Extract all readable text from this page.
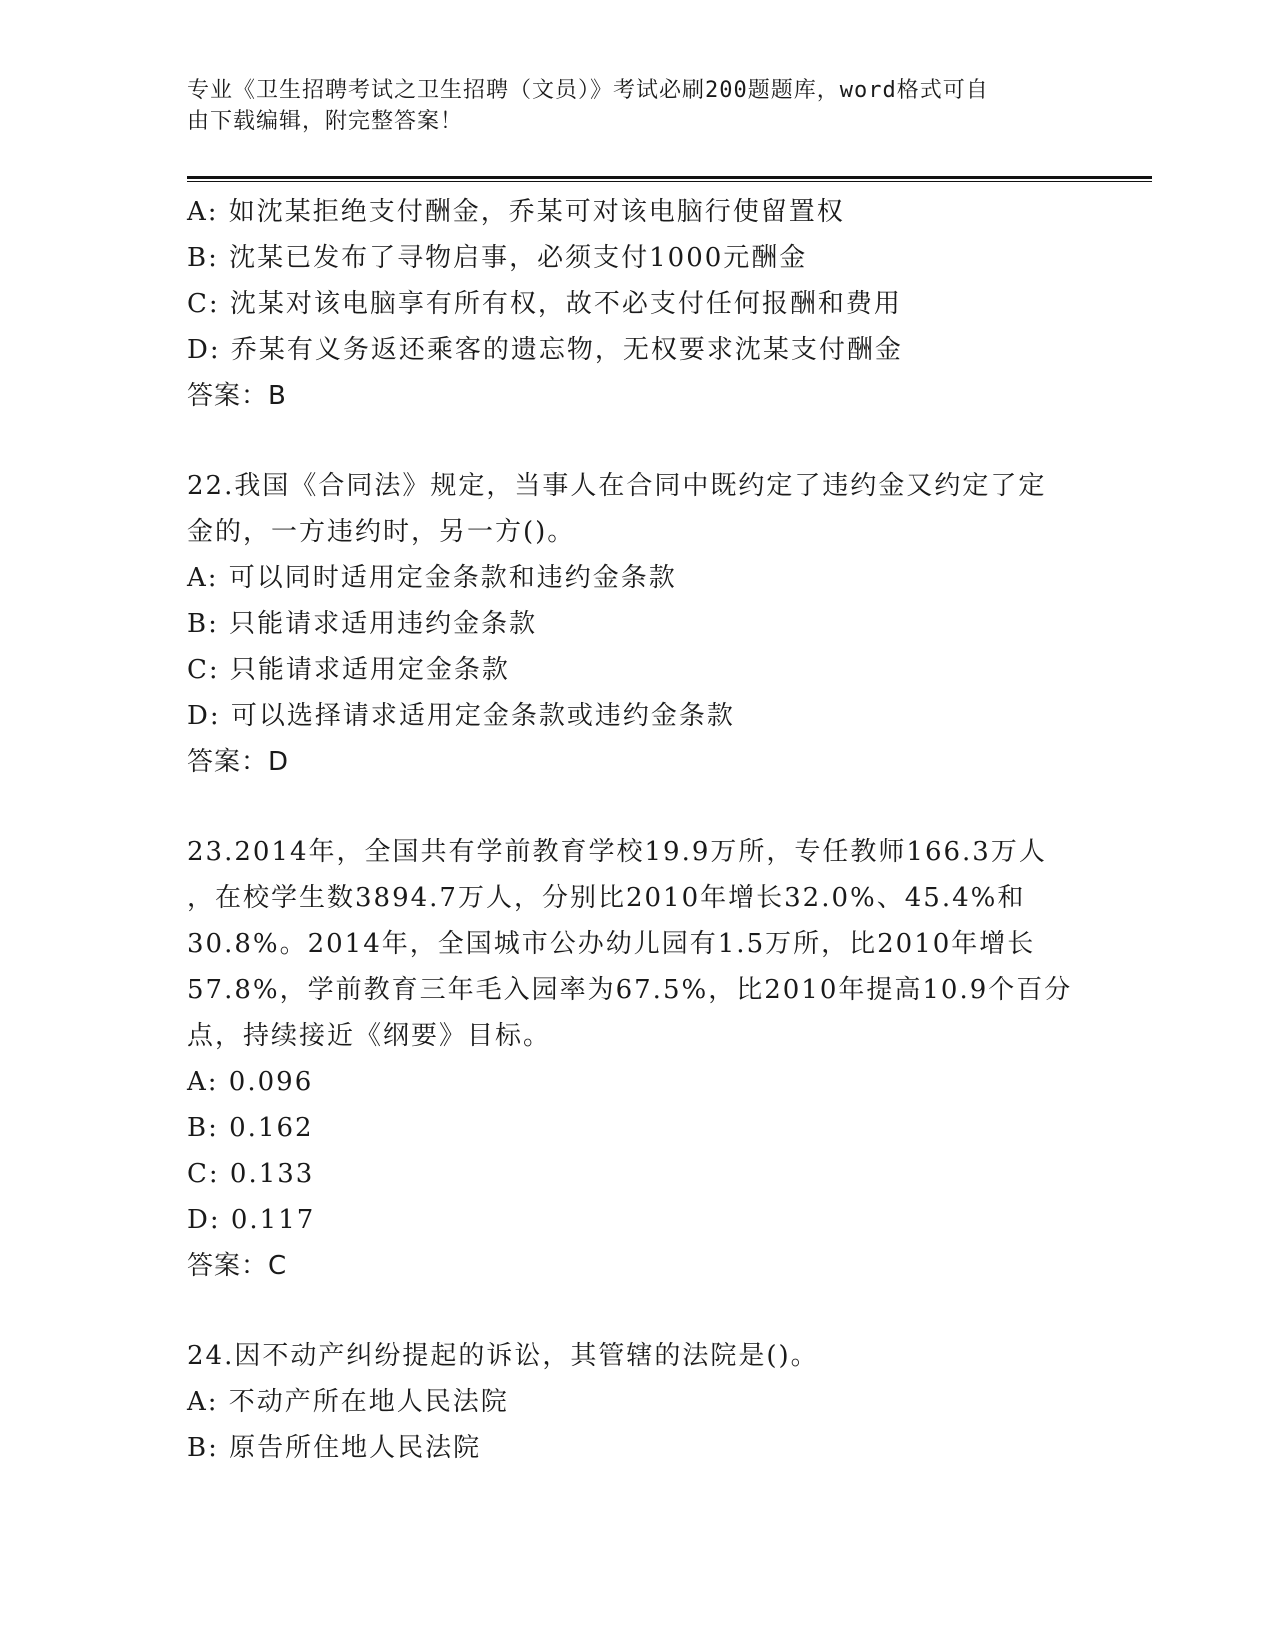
专业《卫生招聘考试之卫生招聘（文员）》考试必刷200题题库，word格式可自
由下载编辑，附完整答案！
A: 如沈某拒绝支付酬金，乔某可对该电脑行使留置权
B: 沈某已发布了寻物启事，必须支付1000元酬金
C: 沈某对该电脑享有所有权，故不必支付任何报酬和费用
D: 乔某有义务返还乘客的遗忘物，无权要求沈某支付酬金
答案：B
22.我国《合同法》规定，当事人在合同中既约定了违约金又约定了定
金的，一方违约时，另一方()。
A: 可以同时适用定金条款和违约金条款
B: 只能请求适用违约金条款
C: 只能请求适用定金条款
D: 可以选择请求适用定金条款或违约金条款
答案：D
23.2014年，全国共有学前教育学校19.9万所，专任教师166.3万人
，在校学生数3894.7万人，分别比2010年增长32.0%、45.4%和
30.8%。2014年，全国城市公办幼儿园有1.5万所，比2010年增长
57.8%，学前教育三年毛入园率为67.5%，比2010年提高10.9个百分
点，持续接近《纲要》目标。
A: 0.096
B: 0.162
C: 0.133
D: 0.117
答案：C
24.因不动产纠纷提起的诉讼，其管辖的法院是()。
A: 不动产所在地人民法院
B: 原告所住地人民法院
